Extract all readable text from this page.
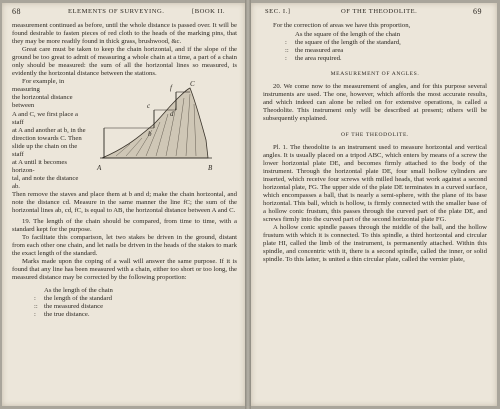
68	ELEMENTS OF SURVEYING.	[BOOK II.

measurement continued as before, until the whole distance is passed over. It will be found desirable to fasten pieces of red cloth to the heads of the marking pins, that they may be more readily found in thick grass, brushwood, &c.

Great care must be taken to keep the chain horizontal, and if the slope of the ground be too great to admit of measuring a whole chain at a time, a part of a chain only should be measured: the sum of all the horizontal lines so measured, is evidently the horizontal distance between the stations.

For example, in measuring

the horizontal distance between

A and C, we first place a staff

at A and another at b, in the

direction towards C. Then

slide up the chain on the staff

at A until it becomes horizon-

tal, and note the distance ab.

A	B
C
b
c
d
f

Then remove the staves and place them at b and d; make the chain horizontal, and note the distance cd. Measure in the same manner the line fC; the sum of the horizontal lines ab, cd, fC, is equal to AB, the horizontal distance between A and C.

19. The length of the chain should be compared, from time to time, with a standard kept for the purpose.

To facilitate this comparison, let two stakes be driven in the ground, distant from each other one chain, and let nails be driven in the heads of the stakes to mark the exact length of the standard.

Marks made upon the coping of a wall will answer the same purpose. If it is found that any line has been measured with a chain, either too short or too long, the measured distance may be corrected by the following proportion:

As the length of the chain

: the length of the standard

:: the measured distance

: the true distance.

SEC. I.]	OF THE THEODOLITE.	69

For the correction of areas we have this proportion,

As the square of the length of the chain

: the square of the length of the standard,

:: the measured area

: the area required.

MEASUREMENT OF ANGLES.

20. We come now to the measurement of angles, and for this purpose several instruments are used. The one, however, which affords the most accurate results, and which indeed can alone be relied on for extensive operations, is called a Theodolite. This instrument only will be described at present; others will be subsequently explained.

OF THE THEODOLITE.

Pl. 1. The theodolite is an instrument used to measure horizontal and vertical angles. It is usually placed on a tripod ABC, which enters by means of a screw the lower horizontal plate DE, and becomes firmly attached to the body of the instrument. Through the horizontal plate DE, four small hollow cylinders are inserted, which receive four screws with milled heads, that work against a second horizontal plate, FG. The upper side of the plate DE terminates in a curved surface, which encompasses a ball, that is nearly a semi-sphere, with the plane of its base horizontal. This ball, which is hollow, is firmly connected with the smaller base of a hollow conic frustum, this passes through the curved part of the plate DE, and screws firmly into the curved part of the second horizontal plate FG.

A hollow conic spindle passes through the middle of the ball, and the hollow frustum with which it is connected. To this spindle, a third horizontal and circular plate HI, called the limb of the instrument, is permanently attached. Within this spindle, and concentric with it, there is a second spindle, called the inner, or solid spindle. To this latter, is united a thin circular plate, called the vernier plate,
